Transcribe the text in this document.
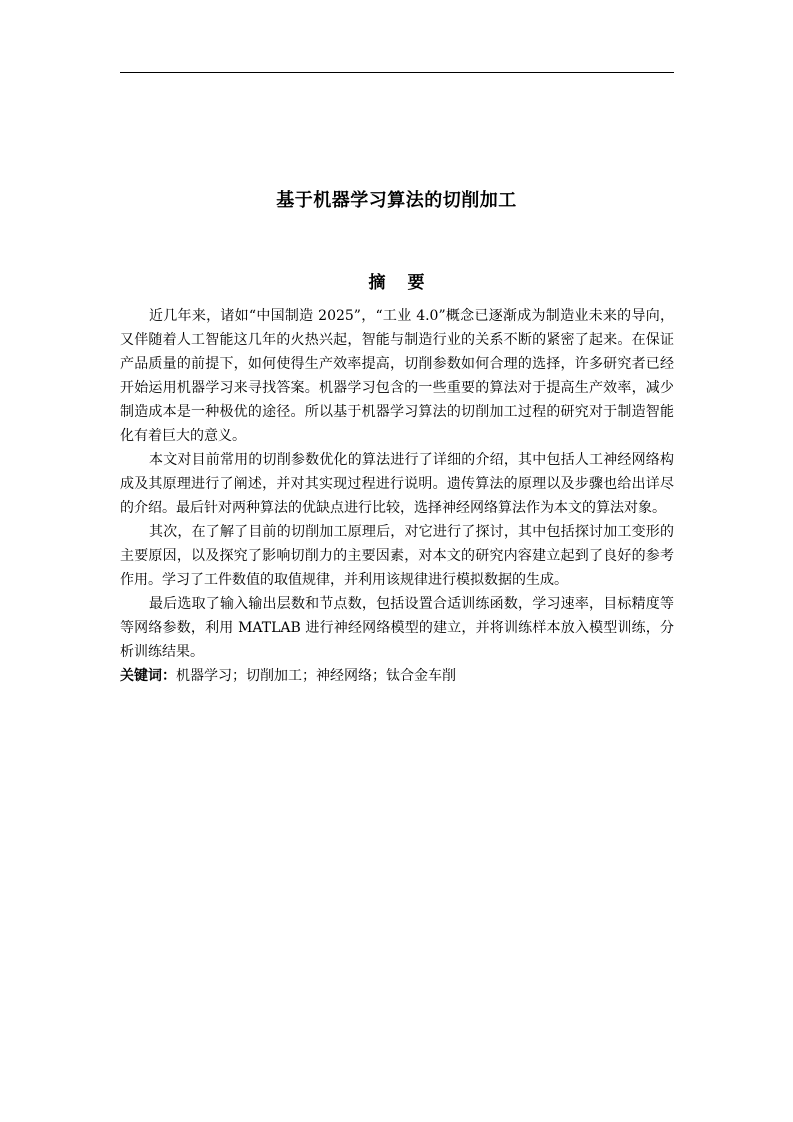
基于机器学习算法的切削加工
摘要

近几年来，诸如“中国制造 2025”，“工业 4.0”概念已逐渐成为制造业未来的导向，又伴随着人工智能这几年的火热兴起，智能与制造行业的关系不断的紧密了起来。在保证产品质量的前提下，如何使得生产效率提高，切削参数如何合理的选择，许多研究者已经开始运用机器学习来寻找答案。机器学习包含的一些重要的算法对于提高生产效率，减少制造成本是一种极优的途径。所以基于机器学习算法的切削加工过程的研究对于制造智能化有着巨大的意义。

本文对目前常用的切削参数优化的算法进行了详细的介绍，其中包括人工神经网络构成及其原理进行了阐述，并对其实现过程进行说明。遗传算法的原理以及步骤也给出详尽的介绍。最后针对两种算法的优缺点进行比较，选择神经网络算法作为本文的算法对象。

其次，在了解了目前的切削加工原理后，对它进行了探讨，其中包括探讨加工变形的主要原因，以及探究了影响切削力的主要因素，对本文的研究内容建立起到了良好的参考作用。学习了工件数值的取值规律，并利用该规律进行模拟数据的生成。

最后选取了输入输出层数和节点数，包括设置合适训练函数，学习速率，目标精度等等网络参数，利用 MATLAB 进行神经网络模型的建立，并将训练样本放入模型训练，分析训练结果。

关键词：机器学习；切削加工；神经网络；钛合金车削
